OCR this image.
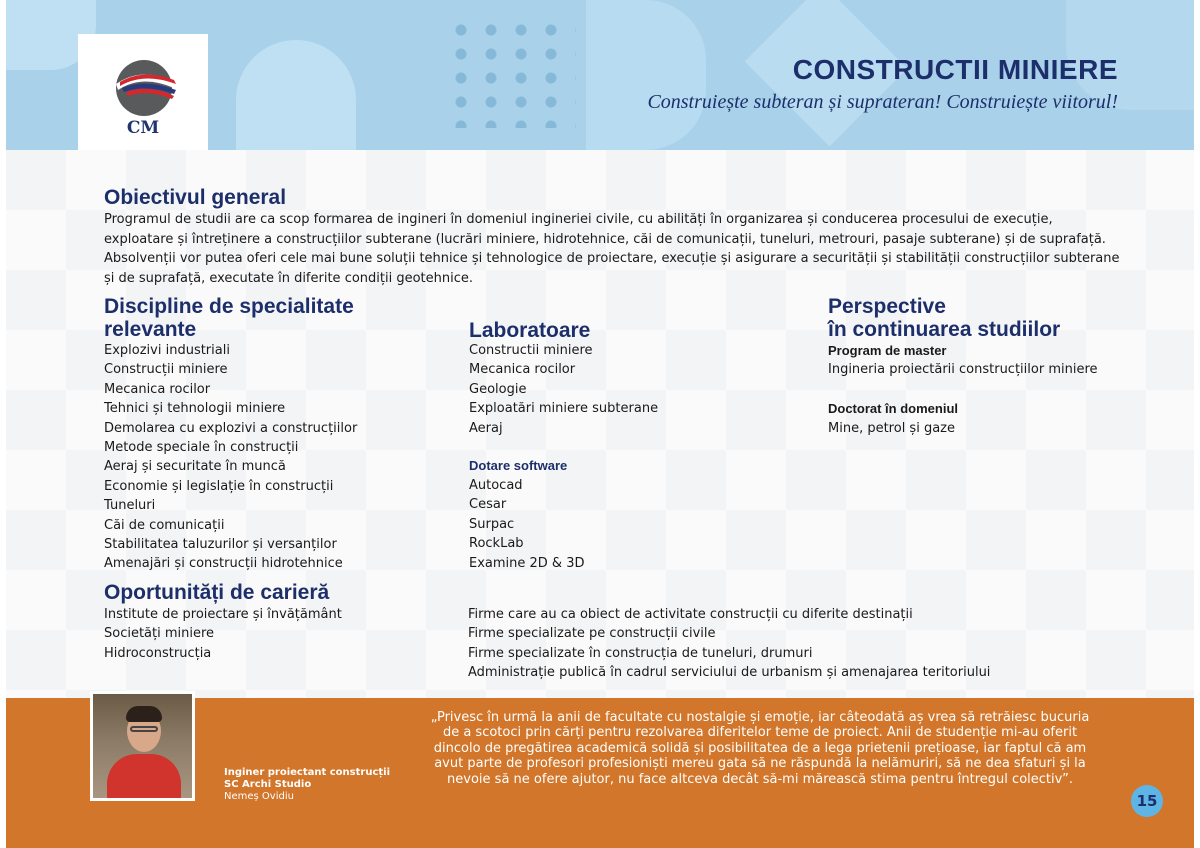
CM
CONSTRUCTII MINIERE
Construiește subteran și suprateran! Construiește viitorul!
Obiectivul general
Programul de studii are ca scop formarea de ingineri în domeniul ingineriei civile, cu abilități în organizarea și conducerea procesului de execuție, exploatare și întreținere a construcțiilor subterane (lucrări miniere, hidrotehnice, căi de comunicații, tuneluri, metrouri, pasaje subterane) și de suprafață. Absolvenții vor putea oferi cele mai bune soluții tehnice și tehnologice de proiectare, execuție și asigurare a securității și stabilității construcțiilor subterane și de suprafață, executate în diferite condiții geotehnice.
Discipline de specialitate
relevante
Explozivi industriali
Construcții miniere
Mecanica rocilor
Tehnici și tehnologii miniere
Demolarea cu explozivi a construcțiilor
Metode speciale în construcții
Aeraj și securitate în muncă
Economie și legislație în construcții
Tuneluri
Căi de comunicații
Stabilitatea taluzurilor și versanților
Amenajări și construcții hidrotehnice
Laboratoare
Constructii miniere
Mecanica rocilor
Geologie
Exploatări miniere subterane
Aeraj
Dotare software
Autocad
Cesar
Surpac
RockLab
Examine 2D & 3D
Perspective
în continuarea studiilor
Program de master
Ingineria proiectării construcțiilor miniere
Doctorat în domeniul
Mine, petrol și gaze
Oportunități de carieră
Institute de proiectare și învățământ
Societăți miniere
Hidroconstrucția
Firme care au ca obiect de activitate construcții cu diferite destinații
Firme specializate pe construcții civile
Firme specializate în construcția de tuneluri, drumuri
Administrație publică în cadrul serviciului de urbanism și amenajarea teritoriului
Inginer proiectant construcții
SC Archi Studio
Nemeș Ovidiu
„Privesc în urmă la anii de facultate cu nostalgie și emoție, iar câteodată aș vrea să retrăiesc bucuria de a scotoci prin cărți pentru rezolvarea diferitelor teme de proiect. Anii de studenție mi-au oferit dincolo de pregătirea academică solidă și posibilitatea de a lega prietenii prețioase, iar faptul că am avut parte de profesori profesioniști mereu gata să ne răspundă la nelămuriri, să ne dea sfaturi și la nevoie să ne ofere ajutor, nu face altceva decât să-mi mărească stima pentru întregul colectiv”.
15
